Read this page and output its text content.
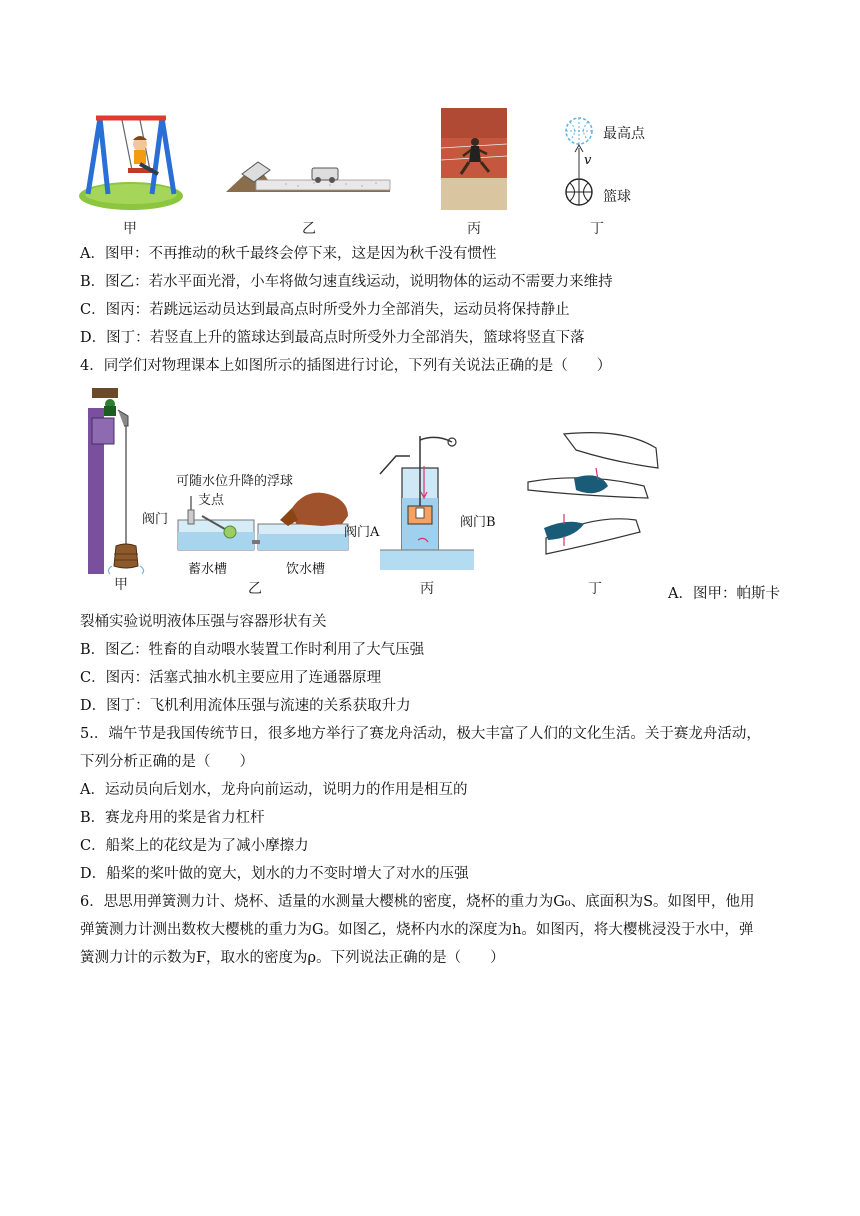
甲	乙	丙
最高点
v
篮球
丁
A．图甲：不再推动的秋千最终会停下来，这是因为秋千没有惯性
B．图乙：若水平面光滑，小车将做匀速直线运动，说明物体的运动不需要力来维持
C．图丙：若跳远运动员达到最高点时所受外力全部消失，运动员将保持静止
D．图丁：若竖直上升的篮球达到最高点时所受外力全部消失，篮球将竖直下落
4．同学们对物理课本上如图所示的插图进行讨论，下列有关说法正确的是（　　）
甲
可随水位升降的浮球
支点
阀门
蓄水槽	饮水槽
乙
阀门A
阀门B
丙	丁	A．图甲：帕斯卡
裂桶实验说明液体压强与容器形状有关
B．图乙：牲畜的自动喂水装置工作时利用了大气压强
C．图丙：活塞式抽水机主要应用了连通器原理
D．图丁：飞机利用流体压强与流速的关系获取升力
5.．端午节是我国传统节日，很多地方举行了赛龙舟活动，极大丰富了人们的文化生活。关于赛龙舟活动，
下列分析正确的是（　　）
A．运动员向后划水，龙舟向前运动，说明力的作用是相互的
B．赛龙舟用的桨是省力杠杆
C．船桨上的花纹是为了减小摩擦力
D．船桨的桨叶做的宽大，划水的力不变时增大了对水的压强
6．思思用弹簧测力计、烧杯、适量的水测量大樱桃的密度，烧杯的重力为G₀、底面积为S。如图甲，他用
弹簧测力计测出数枚大樱桃的重力为G。如图乙，烧杯内水的深度为h。如图丙，将大樱桃浸没于水中，弹
簧测力计的示数为F，取水的密度为ρ。下列说法正确的是（　　）
